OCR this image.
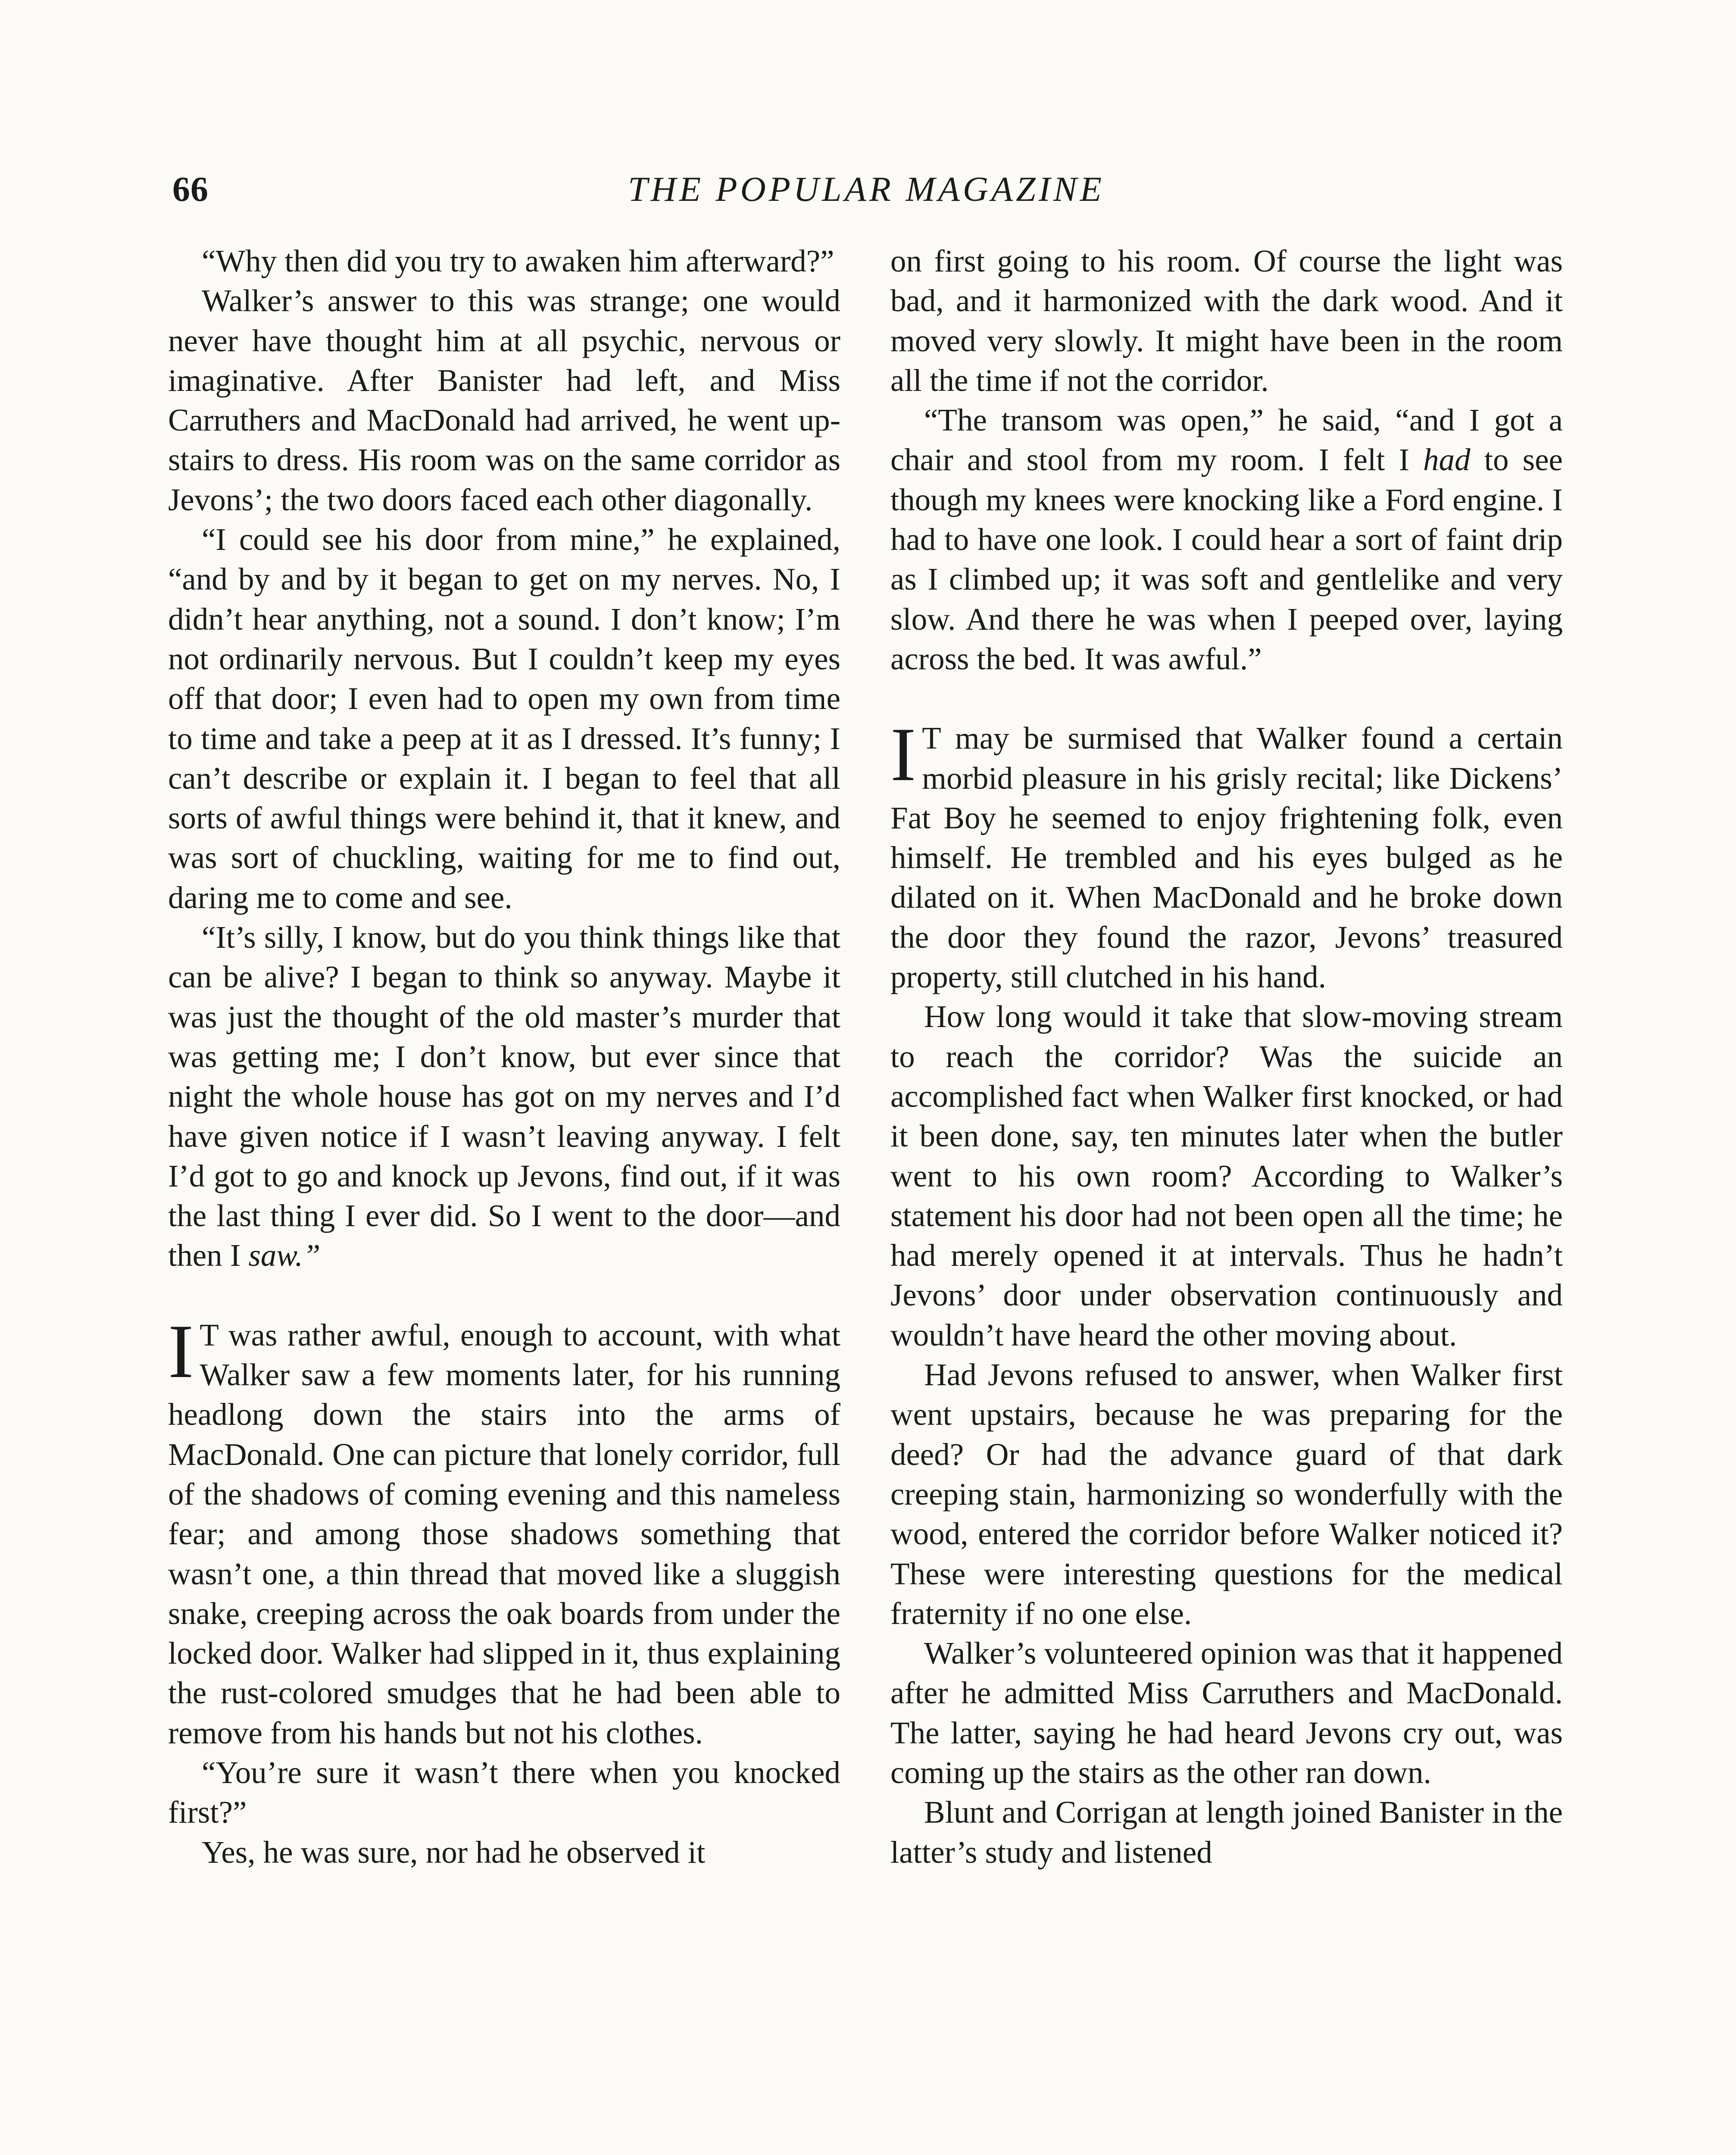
66	THE POPULAR MAGAZINE

“Why then did you try to awaken him afterward?”

Walker’s answer to this was strange; one would never have thought him at all psychic, nervous or imaginative. After Banister had left, and Miss Carruthers and MacDonald had arrived, he went upstairs to dress. His room was on the same corridor as Jevons’; the two doors faced each other diagonally.

“I could see his door from mine,” he explained, “and by and by it began to get on my nerves. No, I didn’t hear anything, not a sound. I don’t know; I’m not ordinarily nervous. But I couldn’t keep my eyes off that door; I even had to open my own from time to time and take a peep at it as I dressed. It’s funny; I can’t describe or explain it. I began to feel that all sorts of awful things were behind it, that it knew, and was sort of chuckling, waiting for me to find out, daring me to come and see.

“It’s silly, I know, but do you think things like that can be alive? I began to think so anyway. Maybe it was just the thought of the old master’s murder that was getting me; I don’t know, but ever since that night the whole house has got on my nerves and I’d have given notice if I wasn’t leaving anyway. I felt I’d got to go and knock up Jevons, find out, if it was the last thing I ever did. So I went to the door—and then I saw.”

I T was rather awful, enough to account, with what Walker saw a few moments later, for his running headlong down the stairs into the arms of MacDonald. One can picture that lonely corridor, full of the shadows of coming evening and this nameless fear; and among those shadows something that wasn’t one, a thin thread that moved like a sluggish snake, creeping across the oak boards from under the locked door. Walker had slipped in it, thus explaining the rust-colored smudges that he had been able to remove from his hands but not his clothes.

“You’re sure it wasn’t there when you knocked first?”

Yes, he was sure, nor had he observed it

on first going to his room. Of course the light was bad, and it harmonized with the dark wood. And it moved very slowly. It might have been in the room all the time if not the corridor.

“The transom was open,” he said, “and I got a chair and stool from my room. I felt I had to see though my knees were knocking like a Ford engine. I had to have one look. I could hear a sort of faint drip as I climbed up; it was soft and gentlelike and very slow. And there he was when I peeped over, laying across the bed. It was awful.”

I T may be surmised that Walker found a certain morbid pleasure in his grisly recital; like Dickens’ Fat Boy he seemed to enjoy frightening folk, even himself. He trembled and his eyes bulged as he dilated on it. When MacDonald and he broke down the door they found the razor, Jevons’ treasured property, still clutched in his hand.

How long would it take that slow-moving stream to reach the corridor? Was the suicide an accomplished fact when Walker first knocked, or had it been done, say, ten minutes later when the butler went to his own room? According to Walker’s statement his door had not been open all the time; he had merely opened it at intervals. Thus he hadn’t Jevons’ door under observation continuously and wouldn’t have heard the other moving about.

Had Jevons refused to answer, when Walker first went upstairs, because he was preparing for the deed? Or had the advance guard of that dark creeping stain, harmonizing so wonderfully with the wood, entered the corridor before Walker noticed it? These were interesting questions for the medical fraternity if no one else.

Walker’s volunteered opinion was that it happened after he admitted Miss Carruthers and MacDonald. The latter, saying he had heard Jevons cry out, was coming up the stairs as the other ran down.

Blunt and Corrigan at length joined Banister in the latter’s study and listened
